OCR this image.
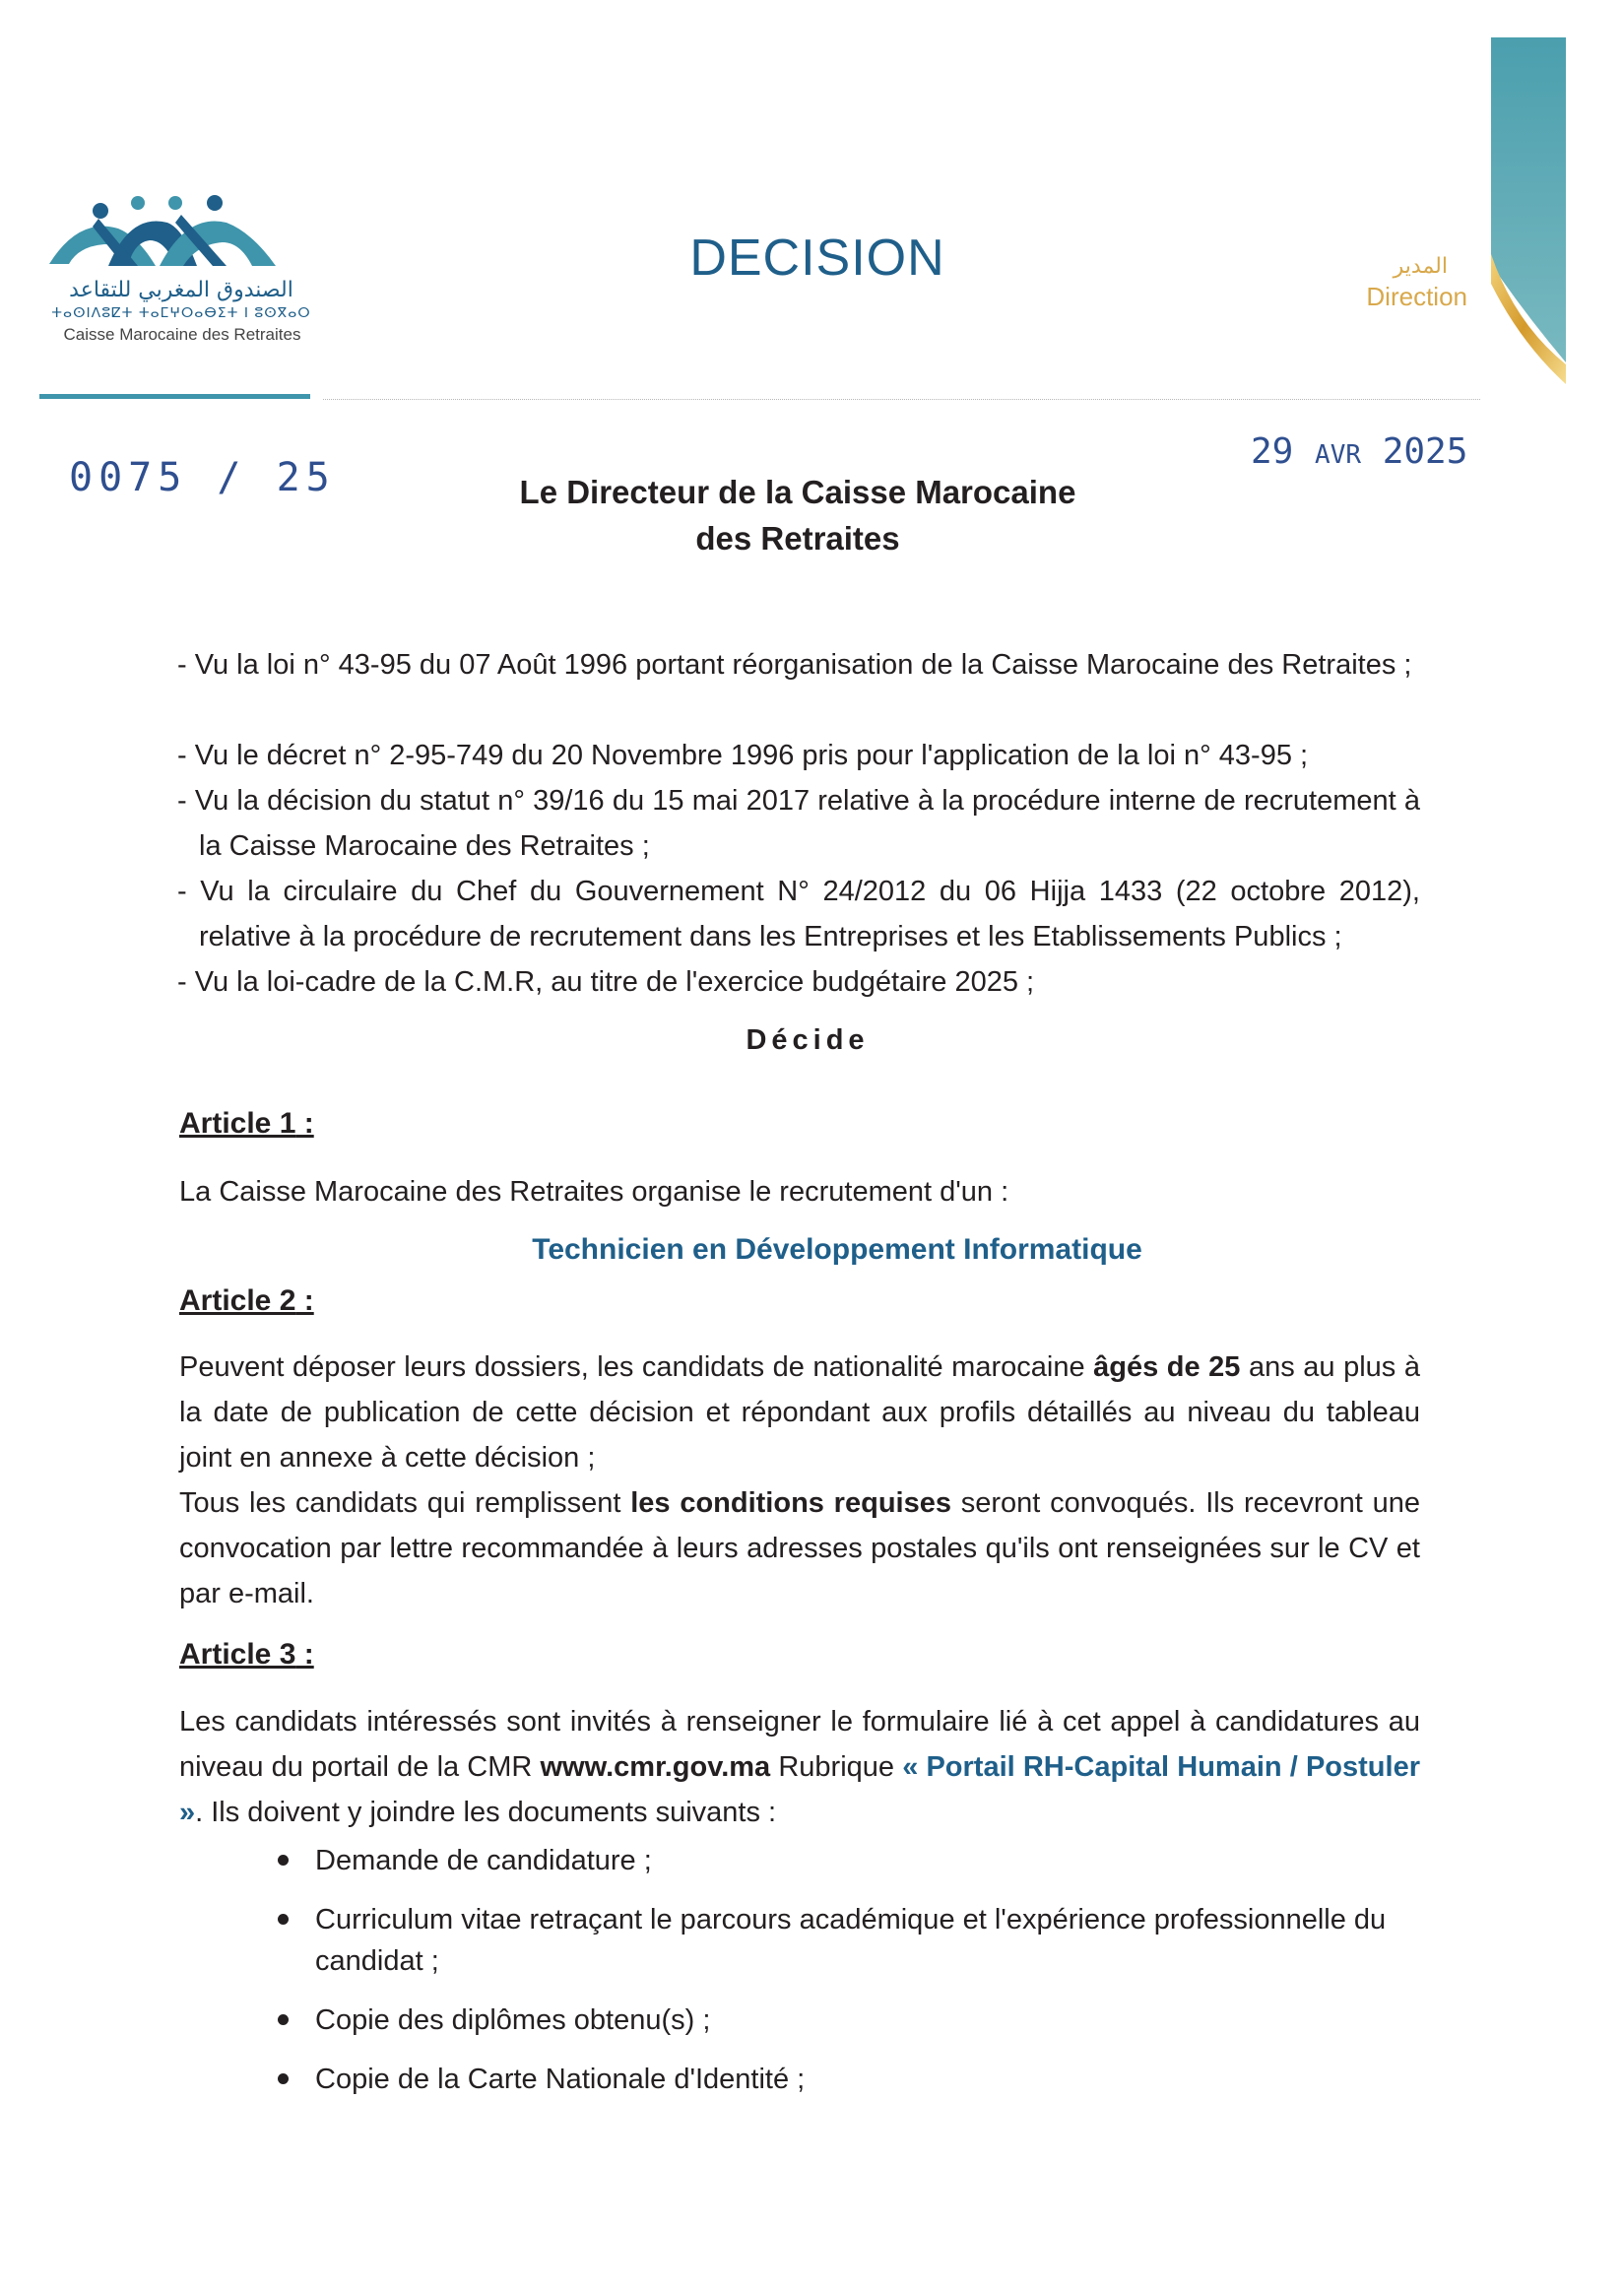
الصندوق المغربي للتقاعد
ⵜⴰⵙⵏⴷⵓⵇⵜ ⵜⴰⵎⵖⵔⴰⴱⵉⵜ ⵏ ⵓⵙⴳⴰⵔ
Caisse Marocaine des Retraites
DECISION	المدير
Direction
0075 / 25
29 AVR 2025
Le Directeur de la Caisse Marocaine
des Retraites
- Vu la loi n° 43-95 du 07 Août 1996 portant réorganisation de la Caisse Marocaine des Retraites ;
- Vu le décret n° 2-95-749 du 20 Novembre 1996 pris pour l'application de la loi n° 43-95 ;
- Vu la décision du statut n° 39/16 du 15 mai 2017 relative à la procédure interne de recrutement à la Caisse Marocaine des Retraites ;
- Vu la circulaire du Chef du Gouvernement N° 24/2012 du 06 Hijja 1433 (22 octobre 2012), relative à la procédure de recrutement dans les Entreprises et les Etablissements Publics ;
- Vu la loi-cadre de la C.M.R, au titre de l'exercice budgétaire 2025 ;
Décide
Article 1 :
La Caisse Marocaine des Retraites organise le recrutement d'un :
Technicien en Développement Informatique
Article 2 :
Peuvent déposer leurs dossiers, les candidats de nationalité marocaine âgés de 25 ans au plus à la date de publication de cette décision et répondant aux profils détaillés au niveau du tableau joint en annexe à cette décision ;
Tous les candidats qui remplissent les conditions requises seront convoqués. Ils recevront une convocation par lettre recommandée à leurs adresses postales qu'ils ont renseignées sur le CV et par e-mail.
Article 3 :
Les candidats intéressés sont invités à renseigner le formulaire lié à cet appel à candidatures au niveau du portail de la CMR www.cmr.gov.ma Rubrique « Portail RH-Capital Humain / Postuler ». Ils doivent y joindre les documents suivants :
Demande de candidature ;
Curriculum vitae retraçant le parcours académique et l'expérience professionnelle du candidat ;
Copie des diplômes obtenu(s) ;
Copie de la Carte Nationale d'Identité ;
